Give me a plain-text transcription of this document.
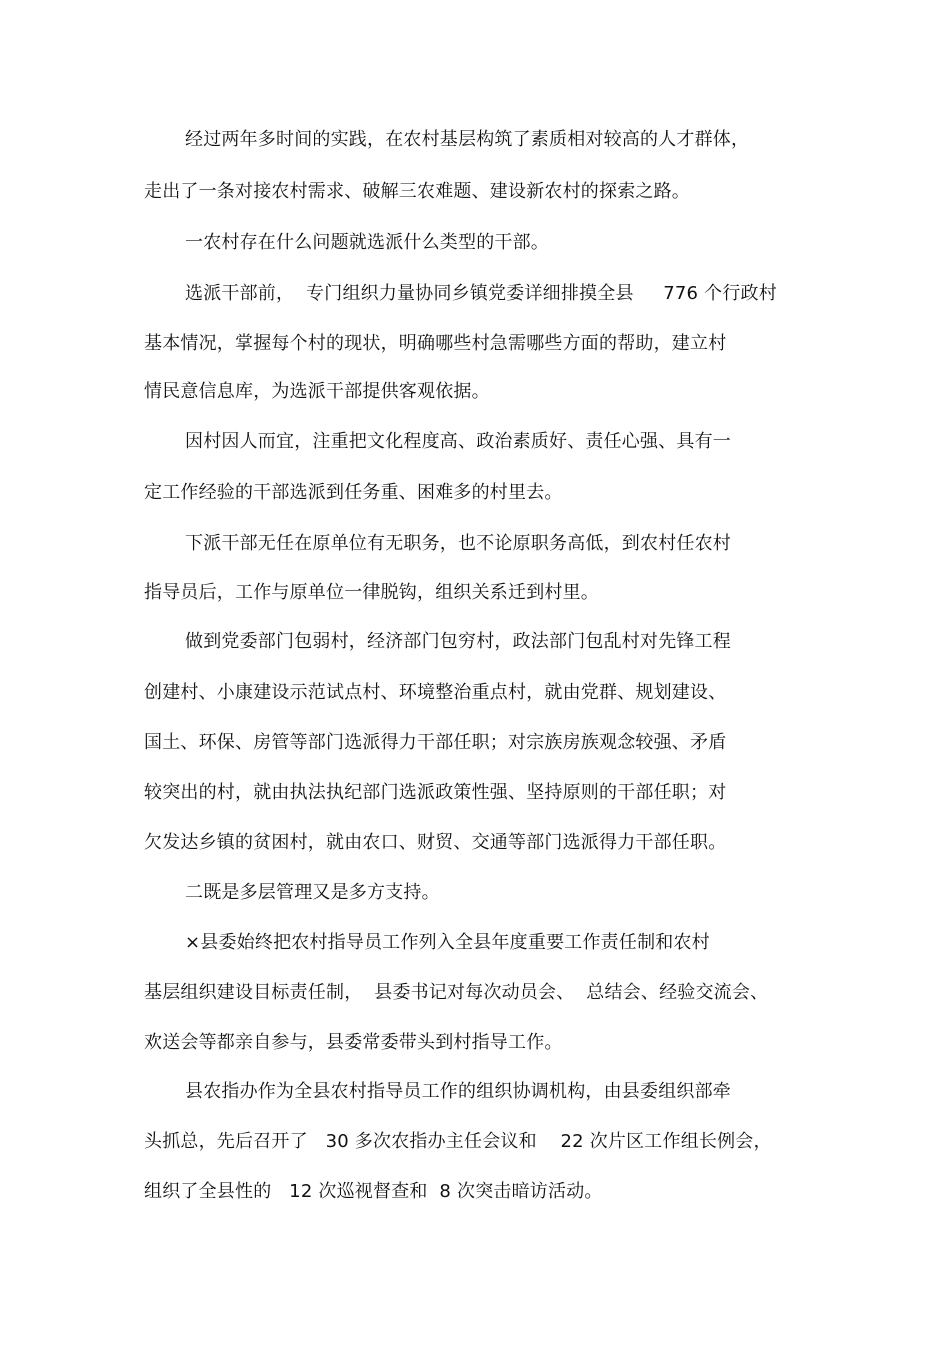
经过两年多时间的实践，在农村基层构筑了素质相对较高的人才群体，
走出了一条对接农村需求、破解三农难题、建设新农村的探索之路。
一农村存在什么问题就选派什么类型的干部。
选派干部前，  专门组织力量协同乡镇党委详细排摸全县     776 个行政村
基本情况，掌握每个村的现状，明确哪些村急需哪些方面的帮助，建立村
情民意信息库，为选派干部提供客观依据。
因村因人而宜，注重把文化程度高、政治素质好、责任心强、具有一
定工作经验的干部选派到任务重、困难多的村里去。
下派干部无任在原单位有无职务，也不论原职务高低，到农村任农村
指导员后，工作与原单位一律脱钩，组织关系迁到村里。
做到党委部门包弱村，经济部门包穷村，政法部门包乱村对先锋工程
创建村、小康建设示范试点村、环境整治重点村，就由党群、规划建设、
国土、环保、房管等部门选派得力干部任职；对宗族房族观念较强、矛盾
较突出的村，就由执法执纪部门选派政策性强、坚持原则的干部任职；对
欠发达乡镇的贫困村，就由农口、财贸、交通等部门选派得力干部任职。
二既是多层管理又是多方支持。
×县委始终把农村指导员工作列入全县年度重要工作责任制和农村
基层组织建设目标责任制，  县委书记对每次动员会、  总结会、经验交流会、
欢送会等都亲自参与，县委常委带头到村指导工作。
县农指办作为全县农村指导员工作的组织协调机构，由县委组织部牵
头抓总，先后召开了   30 多次农指办主任会议和    22 次片区工作组长例会，
组织了全县性的   12 次巡视督查和  8 次突击暗访活动。
